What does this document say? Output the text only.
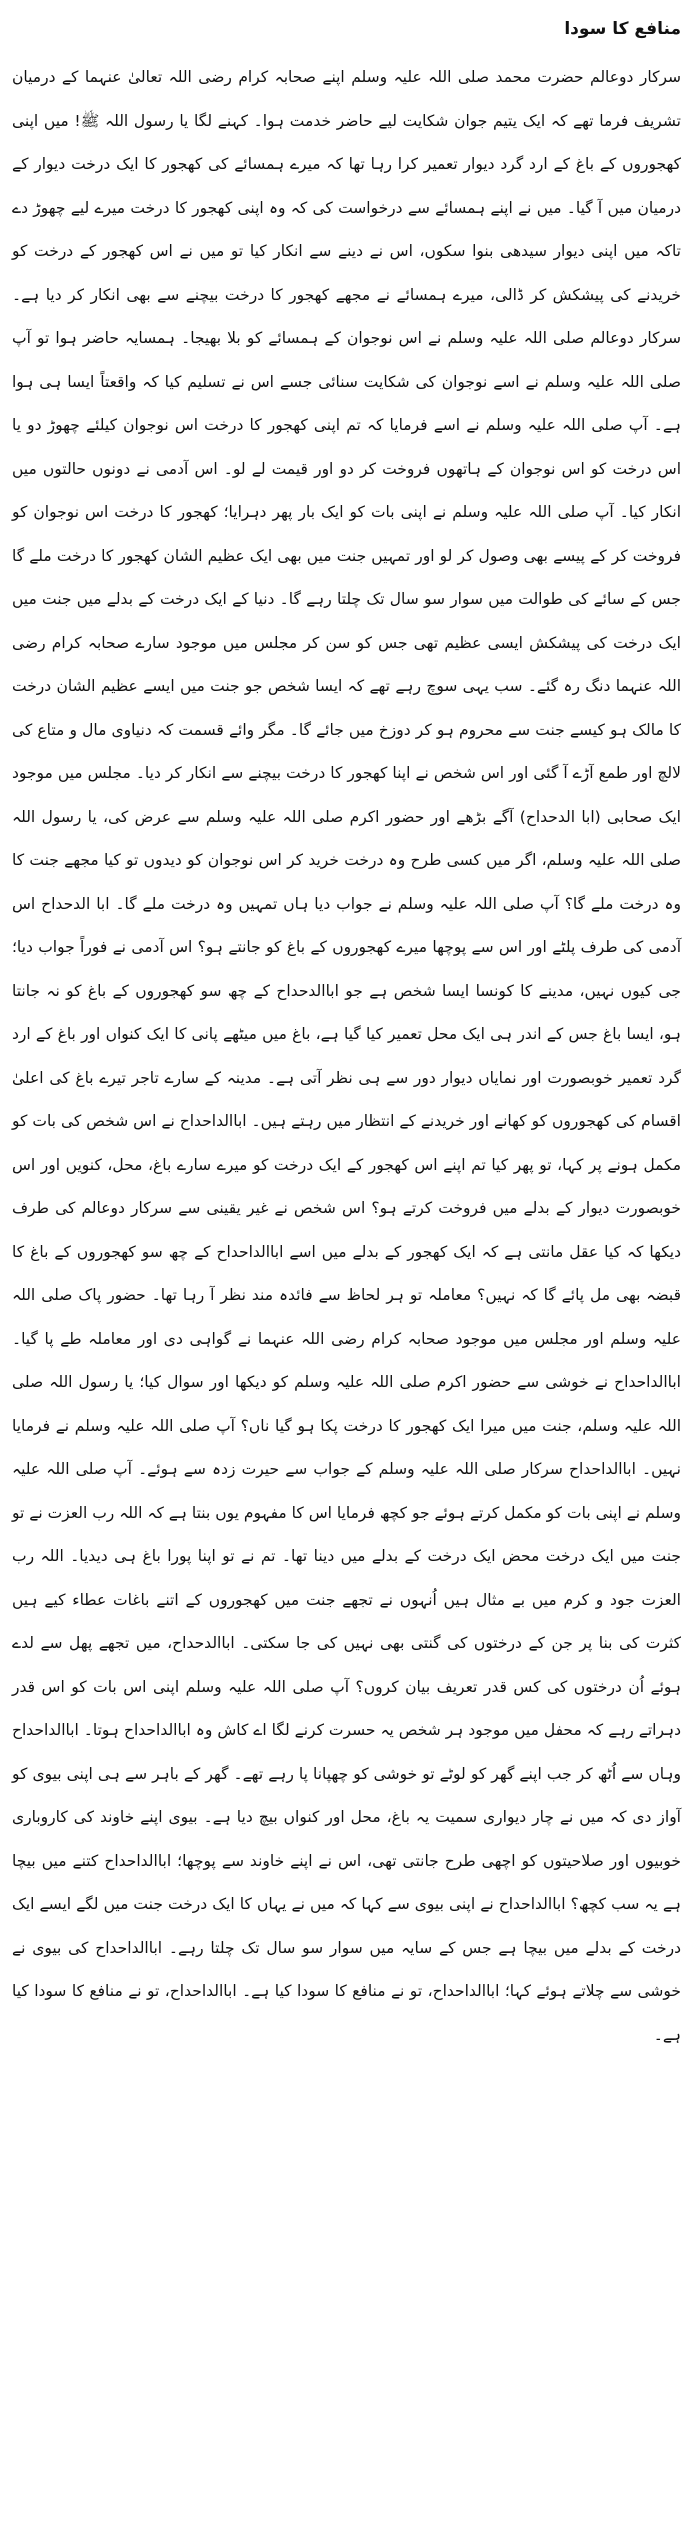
منافع کا سودا

سرکار دوعالم حضرت محمد صلی اللہ علیہ وسلم اپنے صحابہ کرام رضی اللہ تعالیٰ عنہما کے درمیان تشریف فرما تھے کہ ایک یتیم جوان شکایت لیے حاضر خدمت ہوا۔ کہنے لگا یا رسول اللہ ﷺ! میں اپنی کھجوروں کے باغ کے ارد گرد دیوار تعمیر کرا رہا تھا کہ میرے ہمسائے کی کھجور کا ایک درخت دیوار کے درمیان میں آ گیا۔ میں نے اپنے ہمسائے سے درخواست کی کہ وہ اپنی کھجور کا درخت میرے لیے چھوڑ دے تاکہ میں اپنی دیوار سیدھی بنوا سکوں، اس نے دینے سے انکار کیا تو میں نے اس کھجور کے درخت کو خریدنے کی پیشکش کر ڈالی، میرے ہمسائے نے مجھے کھجور کا درخت بیچنے سے بھی انکار کر دیا ہے۔ سرکار دوعالم صلی اللہ علیہ وسلم نے اس نوجوان کے ہمسائے کو بلا بھیجا۔ ہمسایہ حاضر ہوا تو آپ صلی اللہ علیہ وسلم نے اسے نوجوان کی شکایت سنائی جسے اس نے تسلیم کیا کہ واقعتاً ایسا ہی ہوا ہے۔ آپ صلی اللہ علیہ وسلم نے اسے فرمایا کہ تم اپنی کھجور کا درخت اس نوجوان کیلئے چھوڑ دو یا اس درخت کو اس نوجوان کے ہاتھوں فروخت کر دو اور قیمت لے لو۔ اس آدمی نے دونوں حالتوں میں انکار کیا۔ آپ صلی اللہ علیہ وسلم نے اپنی بات کو ایک بار پھر دہرایا؛ کھجور کا درخت اس نوجوان کو فروخت کر کے پیسے بھی وصول کر لو اور تمہیں جنت میں بھی ایک عظیم الشان کھجور کا درخت ملے گا جس کے سائے کی طوالت میں سوار سو سال تک چلتا رہے گا۔ دنیا کے ایک درخت کے بدلے میں جنت میں ایک درخت کی پیشکش ایسی عظیم تھی جس کو سن کر مجلس میں موجود سارے صحابہ کرام رضی اللہ عنہما دنگ رہ گئے۔ سب یہی سوچ رہے تھے کہ ایسا شخص جو جنت میں ایسے عظیم الشان درخت کا مالک ہو کیسے جنت سے محروم ہو کر دوزخ میں جائے گا۔ مگر وائے قسمت کہ دنیاوی مال و متاع کی لالچ اور طمع آڑے آ گئی اور اس شخص نے اپنا کھجور کا درخت بیچنے سے انکار کر دیا۔ مجلس میں موجود ایک صحابی (ابا الدحداح) آگے بڑھے اور حضور اکرم صلی اللہ علیہ وسلم سے عرض کی، یا رسول اللہ صلی اللہ علیہ وسلم، اگر میں کسی طرح وہ درخت خرید کر اس نوجوان کو دیدوں تو کیا مجھے جنت کا وہ درخت ملے گا؟ آپ صلی اللہ علیہ وسلم نے جواب دیا ہاں تمہیں وہ درخت ملے گا۔ ابا الدحداح اس آدمی کی طرف پلٹے اور اس سے پوچھا میرے کھجوروں کے باغ کو جانتے ہو؟ اس آدمی نے فوراً جواب دیا؛ جی کیوں نہیں، مدینے کا کونسا ایسا شخص ہے جو اباالدحداح کے چھ سو کھجوروں کے باغ کو نہ جانتا ہو، ایسا باغ جس کے اندر ہی ایک محل تعمیر کیا گیا ہے، باغ میں میٹھے پانی کا ایک کنواں اور باغ کے ارد گرد تعمیر خوبصورت اور نمایاں دیوار دور سے ہی نظر آتی ہے۔ مدینہ کے سارے تاجر تیرے باغ کی اعلیٰ اقسام کی کھجوروں کو کھانے اور خریدنے کے انتظار میں رہتے ہیں۔ اباالداحداح نے اس شخص کی بات کو مکمل ہونے پر کہا، تو پھر کیا تم اپنے اس کھجور کے ایک درخت کو میرے سارے باغ، محل، کنویں اور اس خوبصورت دیوار کے بدلے میں فروخت کرتے ہو؟ اس شخص نے غیر یقینی سے سرکار دوعالم کی طرف دیکھا کہ کیا عقل مانتی ہے کہ ایک کھجور کے بدلے میں اسے اباالداحداح کے چھ سو کھجوروں کے باغ کا قبضہ بھی مل پائے گا کہ نہیں؟ معاملہ تو ہر لحاظ سے فائدہ مند نظر آ رہا تھا۔ حضور پاک صلی اللہ علیہ وسلم اور مجلس میں موجود صحابہ کرام رضی اللہ عنہما نے گواہی دی اور معاملہ طے پا گیا۔ اباالداحداح نے خوشی سے حضور اکرم صلی اللہ علیہ وسلم کو دیکھا اور سوال کیا؛ یا رسول اللہ صلی اللہ علیہ وسلم، جنت میں میرا ایک کھجور کا درخت پکا ہو گیا ناں؟ آپ صلی اللہ علیہ وسلم نے فرمایا نہیں۔ اباالداحداح سرکار صلی اللہ علیہ وسلم کے جواب سے حیرت زدہ سے ہوئے۔ آپ صلی اللہ علیہ وسلم نے اپنی بات کو مکمل کرتے ہوئے جو کچھ فرمایا اس کا مفہوم یوں بنتا ہے کہ اللہ رب العزت نے تو جنت میں ایک درخت محض ایک درخت کے بدلے میں دینا تھا۔ تم نے تو اپنا پورا باغ ہی دیدیا۔ اللہ رب العزت جود و کرم میں بے مثال ہیں اُنہوں نے تجھے جنت میں کھجوروں کے اتنے باغات عطاء کیے ہیں کثرت کی بنا پر جن کے درختوں کی گنتی بھی نہیں کی جا سکتی۔ اباالدحداح، میں تجھے پھل سے لدے ہوئے اُن درختوں کی کس قدر تعریف بیان کروں؟ آپ صلی اللہ علیہ وسلم اپنی اس بات کو اس قدر دہراتے رہے کہ محفل میں موجود ہر شخص یہ حسرت کرنے لگا اے کاش وہ اباالداحداح ہوتا۔ اباالداحداح وہاں سے اُٹھ کر جب اپنے گھر کو لوٹے تو خوشی کو چھپانا پا رہے تھے۔ گھر کے باہر سے ہی اپنی بیوی کو آواز دی کہ میں نے چار دیواری سمیت یہ باغ، محل اور کنواں بیچ دیا ہے۔ بیوی اپنے خاوند کی کاروباری خوبیوں اور صلاحیتوں کو اچھی طرح جانتی تھی، اس نے اپنے خاوند سے پوچھا؛ اباالداحداح کتنے میں بیچا ہے یہ سب کچھ؟ اباالداحداح نے اپنی بیوی سے کہا کہ میں نے یہاں کا ایک درخت جنت میں لگے ایسے ایک درخت کے بدلے میں بیچا ہے جس کے سایہ میں سوار سو سال تک چلتا رہے۔ اباالداحداح کی بیوی نے خوشی سے چلاتے ہوئے کہا؛ اباالداحداح، تو نے منافع کا سودا کیا ہے۔ اباالداحداح، تو نے منافع کا سودا کیا ہے۔
